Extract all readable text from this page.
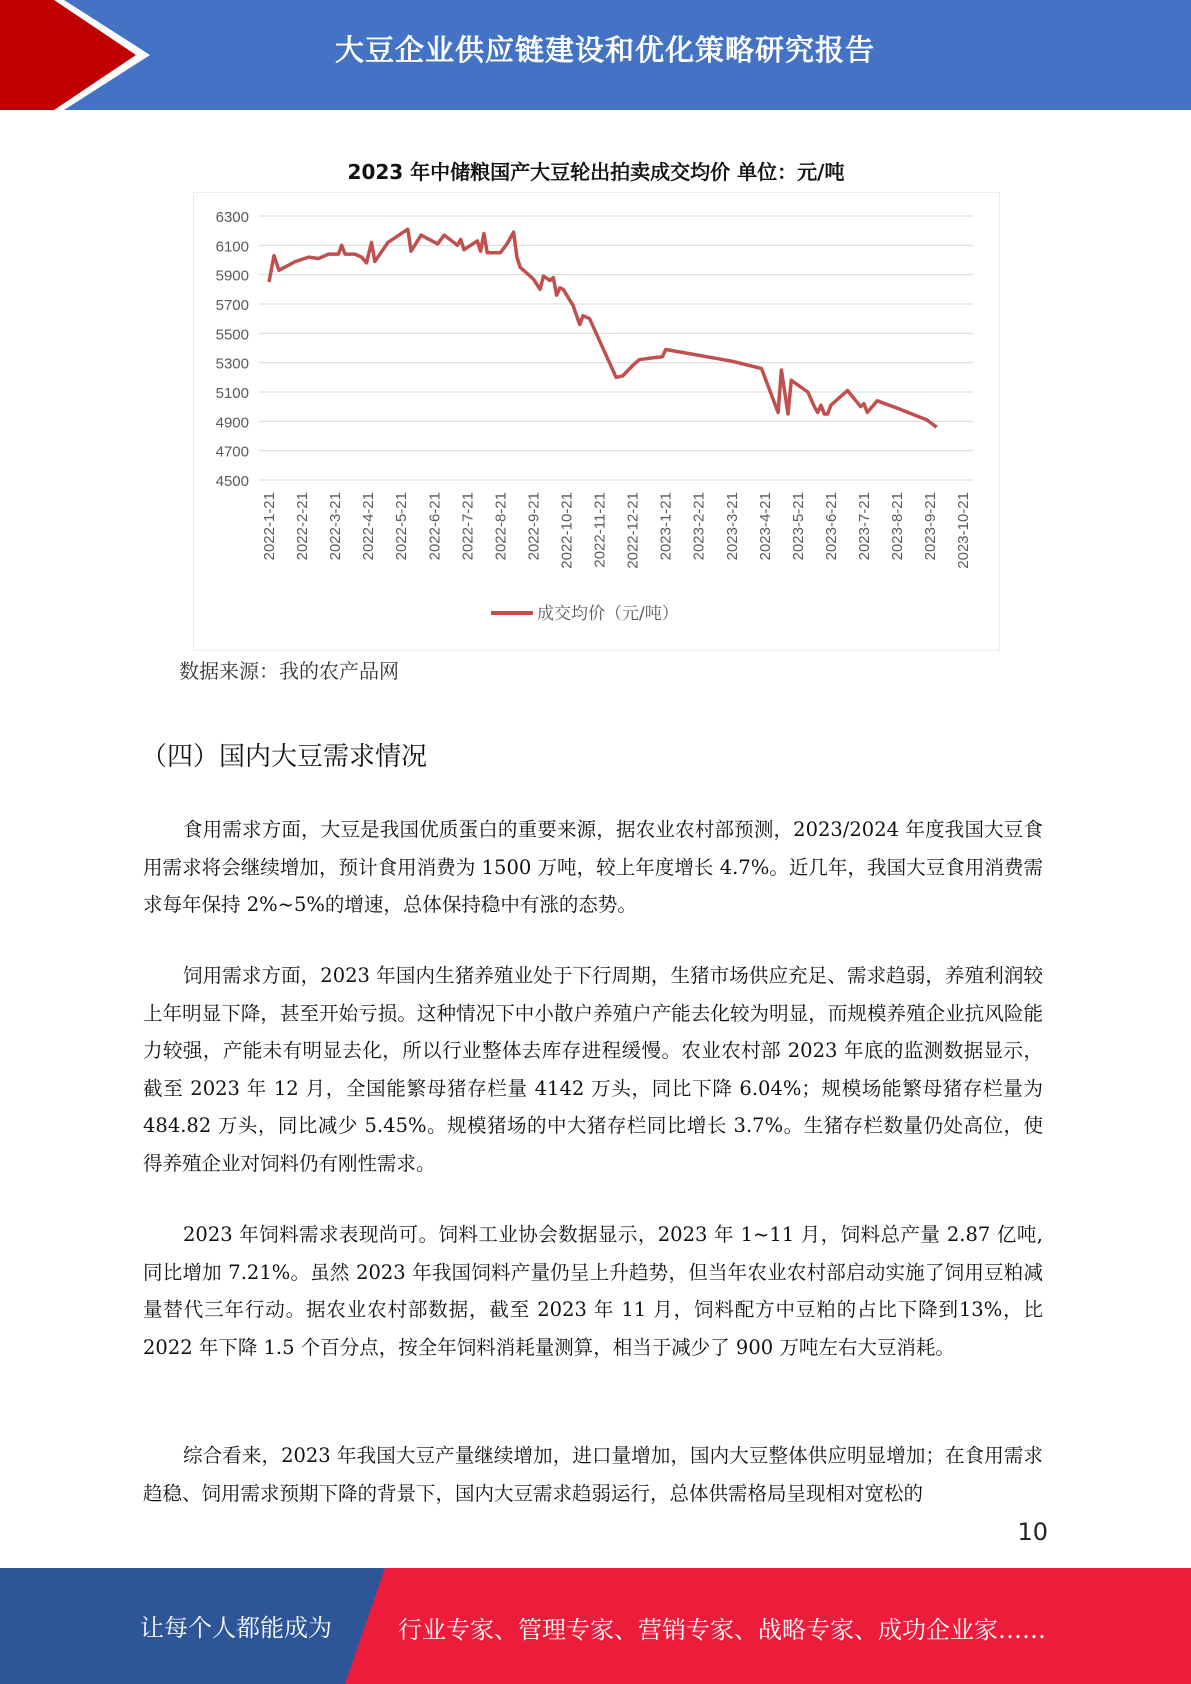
大豆企业供应链建设和优化策略研究报告
2023 年中储粮国产大豆轮出拍卖成交均价 单位：元/吨
6300
6100
5900
5700
5500
5300
5100
4900
4700
4500
2022-1-21 2022-2-21 2022-3-21 2022-4-21 2022-5-21 2022-6-21 2022-7-21 2022-8-21 2022-9-21 2022-10-21 2022-11-21 2022-12-21 2023-1-21 2023-2-21 2023-3-21 2023-4-21 2023-5-21 2023-6-21 2023-7-21 2023-8-21 2023-9-21 2023-10-21
成交均价（元/吨）
数据来源：我的农产品网
（四）国内大豆需求情况

食用需求方面，大豆是我国优质蛋白的重要来源，据农业农村部预测，2023/2024 年度我国大豆食用需求将会继续增加，预计食用消费为 1500 万吨，较上年度增长 4.7%。近几年，我国大豆食用消费需求每年保持 2%~5%的增速，总体保持稳中有涨的态势。

饲用需求方面，2023 年国内生猪养殖业处于下行周期，生猪市场供应充足、需求趋弱，养殖利润较上年明显下降，甚至开始亏损。这种情况下中小散户养殖户产能去化较为明显，而规模养殖企业抗风险能力较强，产能未有明显去化，所以行业整体去库存进程缓慢。农业农村部 2023 年底的监测数据显示，截至 2023 年 12 月，全国能繁母猪存栏量 4142 万头，同比下降 6.04%；规模场能繁母猪存栏量为 484.82 万头，同比减少 5.45%。规模猪场的中大猪存栏同比增长 3.7%。生猪存栏数量仍处高位，使得养殖企业对饲料仍有刚性需求。

2023 年饲料需求表现尚可。饲料工业协会数据显示，2023 年 1~11 月，饲料总产量 2.87 亿吨,同比增加 7.21%。虽然 2023 年我国饲料产量仍呈上升趋势，但当年农业农村部启动实施了饲用豆粕减量替代三年行动。据农业农村部数据，截至 2023 年 11 月，饲料配方中豆粕的占比下降到13%，比 2022 年下降 1.5 个百分点，按全年饲料消耗量测算，相当于减少了 900 万吨左右大豆消耗。

综合看来，2023 年我国大豆产量继续增加，进口量增加，国内大豆整体供应明显增加；在食用需求趋稳、饲用需求预期下降的背景下，国内大豆需求趋弱运行，总体供需格局呈现相对宽松的

10
让每个人都能成为	行业专家、管理专家、营销专家、战略专家、成功企业家……
